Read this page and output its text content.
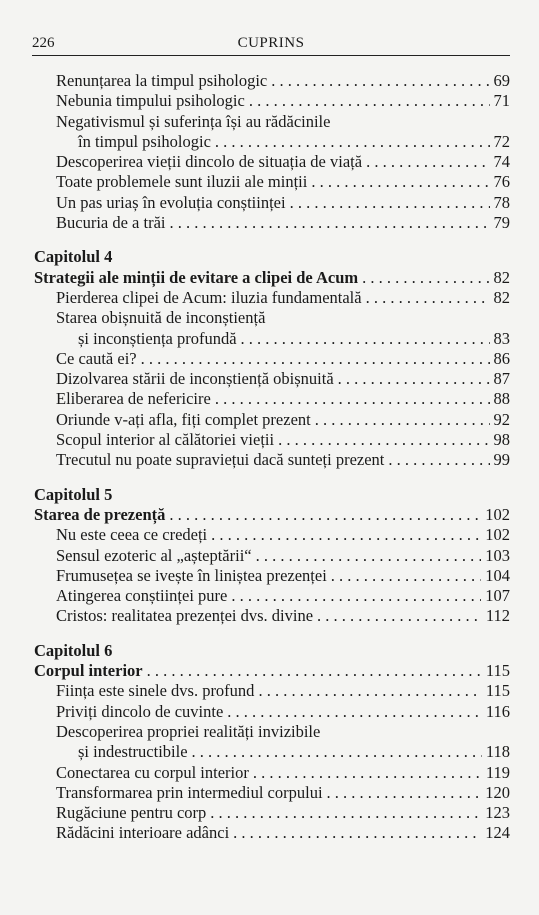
226	CUPRINS
Renunțarea la timpul psihologic . . .	69
Nebunia timpului psihologic . . .	71
Negativismul și suferința își au rădăcinile
în timpul psihologic . . .	72
Descoperirea vieții dincolo de situația de viață . . .	74
Toate problemele sunt iluzii ale minții . . .	76
Un pas uriaș în evoluția conștiinței . . .	78
Bucuria de a trăi . . .	79
Capitolul 4
Strategii ale minții de evitare a clipei de Acum . . .	82
Pierderea clipei de Acum: iluzia fundamentală . . .	82
Starea obișnuită de inconștiență
și inconștiența profundă . . .	83
Ce caută ei? . . .	86
Dizolvarea stării de inconștiență obișnuită . . .	87
Eliberarea de nefericire . . .	88
Oriunde v-ați afla, fiți complet prezent . . .	92
Scopul interior al călătoriei vieții . . .	98
Trecutul nu poate supraviețui dacă sunteți prezent . . .	99
Capitolul 5
Starea de prezență . . .	102
Nu este ceea ce credeți . . .	102
Sensul ezoteric al „așteptării“ . . .	103
Frumusețea se ivește în liniștea prezenței . . .	104
Atingerea conștiinței pure . . .	107
Cristos: realitatea prezenței dvs. divine . . .	112
Capitolul 6
Corpul interior . . .	115
Ființa este sinele dvs. profund . . .	115
Priviți dincolo de cuvinte . . .	116
Descoperirea propriei realități invizibile
și indestructibile . . .	118
Conectarea cu corpul interior . . .	119
Transformarea prin intermediul corpului . . .	120
Rugăciune pentru corp . . .	123
Rădăcini interioare adânci . . .	124
